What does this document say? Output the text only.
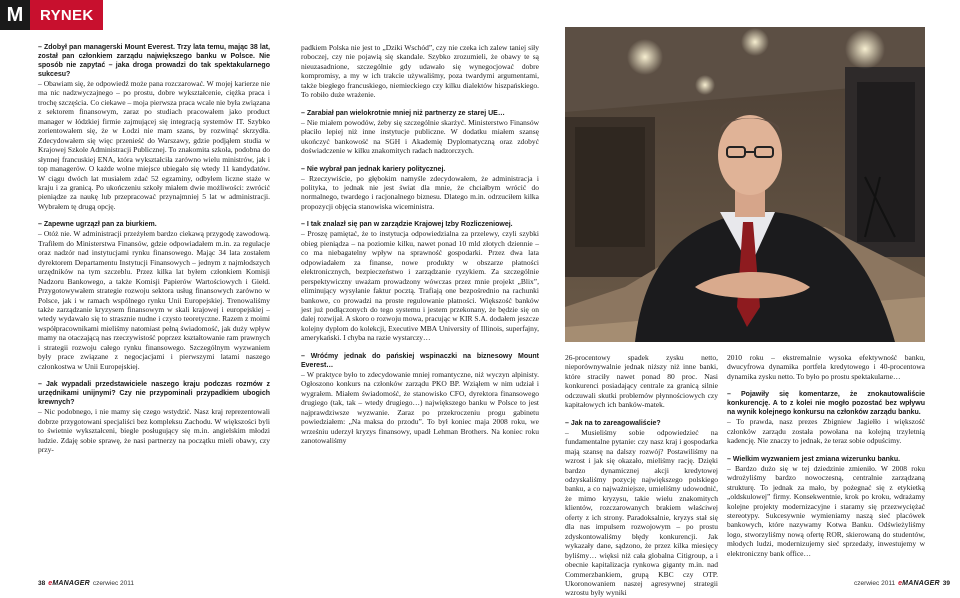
M	RYNEK

– Zdobył pan managerski Mount Everest. Trzy lata temu, mając 38 lat, został pan członkiem zarządu największego banku w Polsce. Nie sposób nie zapytać – jaka droga prowadzi do tak spektakularnego sukcesu?

– Obawiam się, że odpowiedź może pana rozczarować. W mojej karierze nie ma nic nadzwyczajnego – po prostu, dobre wykształcenie, ciężka praca i trochę szczęścia. Co ciekawe – moja pierwsza praca wcale nie była związana z sektorem finansowym, zaraz po studiach pracowałem jako product manager w łódzkiej firmie zajmującej się integracją systemów IT. Szybko zorientowałem się, że w Łodzi nie mam szans, by rozwinąć skrzydła. Zdecydowałem się więc przenieść do Warszawy, gdzie podjąłem studia w Krajowej Szkole Administracji Publicznej. To znakomita szkoła, podobna do słynnej francuskiej ENA, która wykształciła zarówno wielu ministrów, jak i top managerów. O każde wolne miejsce ubiegało się wtedy 11 kandydatów. W ciągu dwóch lat musiałem zdać 52 egzaminy, odbyłem liczne staże w kraju i za granicą. Po ukończeniu szkoły miałem dwie możliwości: zwrócić pieniądze za naukę lub przepracować przynajmniej 5 lat w administracji. Wybrałem tę drugą opcję.

– Zapewne ugrzązł pan za biurkiem.

– Otóż nie. W administracji przeżyłem bardzo ciekawą przygodę zawodową. Trafiłem do Ministerstwa Finansów, gdzie odpowiadałem m.in. za regulacje oraz nadzór nad instytucjami rynku finansowego. Mając 34 lata zostałem dyrektorem Departamentu Instytucji Finansowych – jednym z najmłodszych urzędników na tym szczeblu. Przez kilka lat byłem członkiem Komisji Nadzoru Bankowego, a także Komisji Papierów Wartościowych i Giełd. Przygotowywałem strategie rozwoju sektora usług finansowych zarówno w Polsce, jak i w ramach wspólnego rynku Unii Europejskiej. Trenowaliśmy także zarządzanie kryzysem finansowym w skali krajowej i europejskiej – wtedy wydawało się to strasznie nudne i czysto teoretyczne. Razem z moimi współpracownikami mieliśmy natomiast pełną świadomość, jak duży wpływ mamy na otaczającą nas rzeczywistość poprzez kształtowanie ram prawnych i strategii rozwoju całego rynku finansowego. Szczególnym wyzwaniem były prace związane z negocjacjami i pierwszymi latami naszego członkostwa w Unii Europejskiej.

– Jak wypadali przedstawiciele naszego kraju podczas rozmów z urzędnikami unijnymi? Czy nie przypominali przypadkiem ubogich krewnych?

– Nic podobnego, i nie mamy się czego wstydzić. Nasz kraj reprezentowali dobrze przygotowani specjaliści bez kompleksu Zachodu. W większości byli to świetnie wykształceni, biegle posługujący się m.in. angielskim młodzi ludzie. Zdaję sobie sprawę, że nasi partnerzy na początku mieli obawy, czy przy-

padkiem Polska nie jest to „Dziki Wschód”, czy nie czeka ich zalew taniej siły roboczej, czy nie pojawią się skandale. Szybko zrozumieli, że obawy te są nieuzasadnione, szczególnie gdy udawało się wynegocjować dobre kompromisy, a my w ich trakcie używaliśmy, poza twardymi argumentami, także biegłego francuskiego, niemieckiego czy kilku dialektów hiszpańskiego. To robiło duże wrażenie.

– Zarabiał pan wielokrotnie mniej niż partnerzy ze starej UE…

– Nie miałem powodów, żeby się szczególnie skarżyć. Ministerstwo Finansów płaciło lepiej niż inne instytucje publiczne. W dodatku miałem szansę ukończyć bankowość na SGH i Akademię Dyplomatyczną oraz zdobyć doświadczenie w kilku znakomitych radach nadzorczych.

– Nie wybrał pan jednak kariery politycznej.

– Rzeczywiście, po głębokim namyśle zdecydowałem, że administracja i polityka, to jednak nie jest świat dla mnie, że chciałbym wrócić do normalnego, twardego i racjonalnego biznesu. Dlatego m.in. odrzuciłem kilka propozycji objęcia stanowiska wiceministra.

– I tak znalazł się pan w zarządzie Krajowej Izby Rozliczeniowej.

– Proszę pamiętać, że to instytucja odpowiedzialna za przelewy, czyli szybki obieg pieniądza – na poziomie kilku, nawet ponad 10 mld złotych dziennie – co ma niebagatelny wpływ na sprawność gospodarki. Przez dwa lata odpowiadałem za finanse, nowe produkty w obszarze płatności elektronicznych, bezpieczeństwo i zarządzanie ryzykiem. Za szczególnie perspektywiczny uważam prowadzony wówczas przez mnie projekt „Blix”, eliminujący wysyłanie faktur pocztą. Trafiają one bezpośrednio na rachunki bankowe, co prowadzi na proste regulowanie płatności. Większość banków jest już podłączonych do tego systemu i jestem przekonany, że będzie się on dalej rozwijał. A skoro o rozwoju mowa, pracując w KIR S.A. dodałem jeszcze kolejny dyplom do kolekcji, Executive MBA University of Illinois, superfajny, amerykański. I chyba na razie wystarczy…

– Wróćmy jednak do pańskiej wspinaczki na biznesowy Mount Everest…

– W praktyce było to zdecydowanie mniej romantyczne, niż wyczyn alpinisty. Ogłoszono konkurs na członków zarządu PKO BP. Wziąłem w nim udział i wygrałem. Miałem świadomość, że stanowisko CFO, dyrektora finansowego drugiego (tak, tak – wtedy drugiego…) największego banku w Polsce to jest najprawdziwsze wyzwanie. Zaraz po przekroczeniu progu gabinetu powiedziałem: „Na maksa do przodu”. To był koniec maja 2008 roku, we wrześniu uderzył kryzys finansowy, upadł Lehman Brothers. Na koniec roku zanotowaliśmy

26-procentowy spadek zysku netto, nieporównywalnie jednak niższy niż inne banki, które straciły nawet ponad 80 proc. Nasi konkurenci posiadający centrale za granicą silnie odczuwali skutki problemów płynnościowych czy kapitałowych ich banków-matek.

– Jak na to zareagowaliście?

– Musieliśmy sobie odpowiedzieć na fundamentalne pytanie: czy nasz kraj i gospodarka mają szansę na dalszy rozwój? Postawiliśmy na wzrost i jak się okazało, mieliśmy rację. Dzięki bardzo dynamicznej akcji kredytowej odzyskaliśmy pozycję największego polskiego banku, a co najważniejsze, umieliśmy udowodnić, że mimo kryzysu, takie wielu znakomitych klientów, rozczarowanych brakiem właściwej oferty z ich strony. Paradoksalnie, kryzys stał się dla nas impulsem rozwojowym – po prostu zdyskontowaliśmy błędy konkurencji. Jak wykazały dane, sądzono, że przez kilka miesięcy byliśmy… więksi niż cała globalna Citigroup, a i obecnie kapitalizacja rynkowa giganty m.in. nad Commerzbankiem, grupą KBC czy OTP. Ukoronowaniem naszej agresywnej strategii wzrostu były wyniki

2010 roku – ekstremalnie wysoka efektywność banku, dwucyfrowa dynamika portfela kredytowego i 40-procentowa dynamika zysku netto. To było po prostu spektakularne…

– Pojawiły się komentarze, że znokautowaliście konkurencję. A to z kolei nie mogło pozostać bez wpływu na wynik kolejnego konkursu na członków zarządu banku.

– To prawda, nasz prezes Zbigniew Jagiełło i większość członków zarządu została powołana na kolejną trzyletnią kadencję. Nie znaczy to jednak, że teraz sobie odpuścimy.

– Wielkim wyzwaniem jest zmiana wizerunku banku.

– Bardzo dużo się w tej dziedzinie zmieniło. W 2008 roku wdrożyliśmy bardzo nowoczesną, centralnie zarządzaną strukturę. To jednak za mało, by pożegnać się z etykietką „oldskulowej” firmy. Konsekwentnie, krok po kroku, wdrażamy kolejne projekty modernizacyjne i staramy się przezwyciężać stereotypy. Sukcesywnie wymieniamy naszą sieć placówek bankowych, które nazywamy Kotwa Banku. Odświeżyliśmy logo, stworzyliśmy nową ofertę ROR, skierowaną do studentów, młodych ludzi, modernizujemy sieć sprzedaży, inwestujemy w elektroniczny bank office…

38 eMANAGER czerwiec 2011	czerwiec 2011 eMANAGER 39
